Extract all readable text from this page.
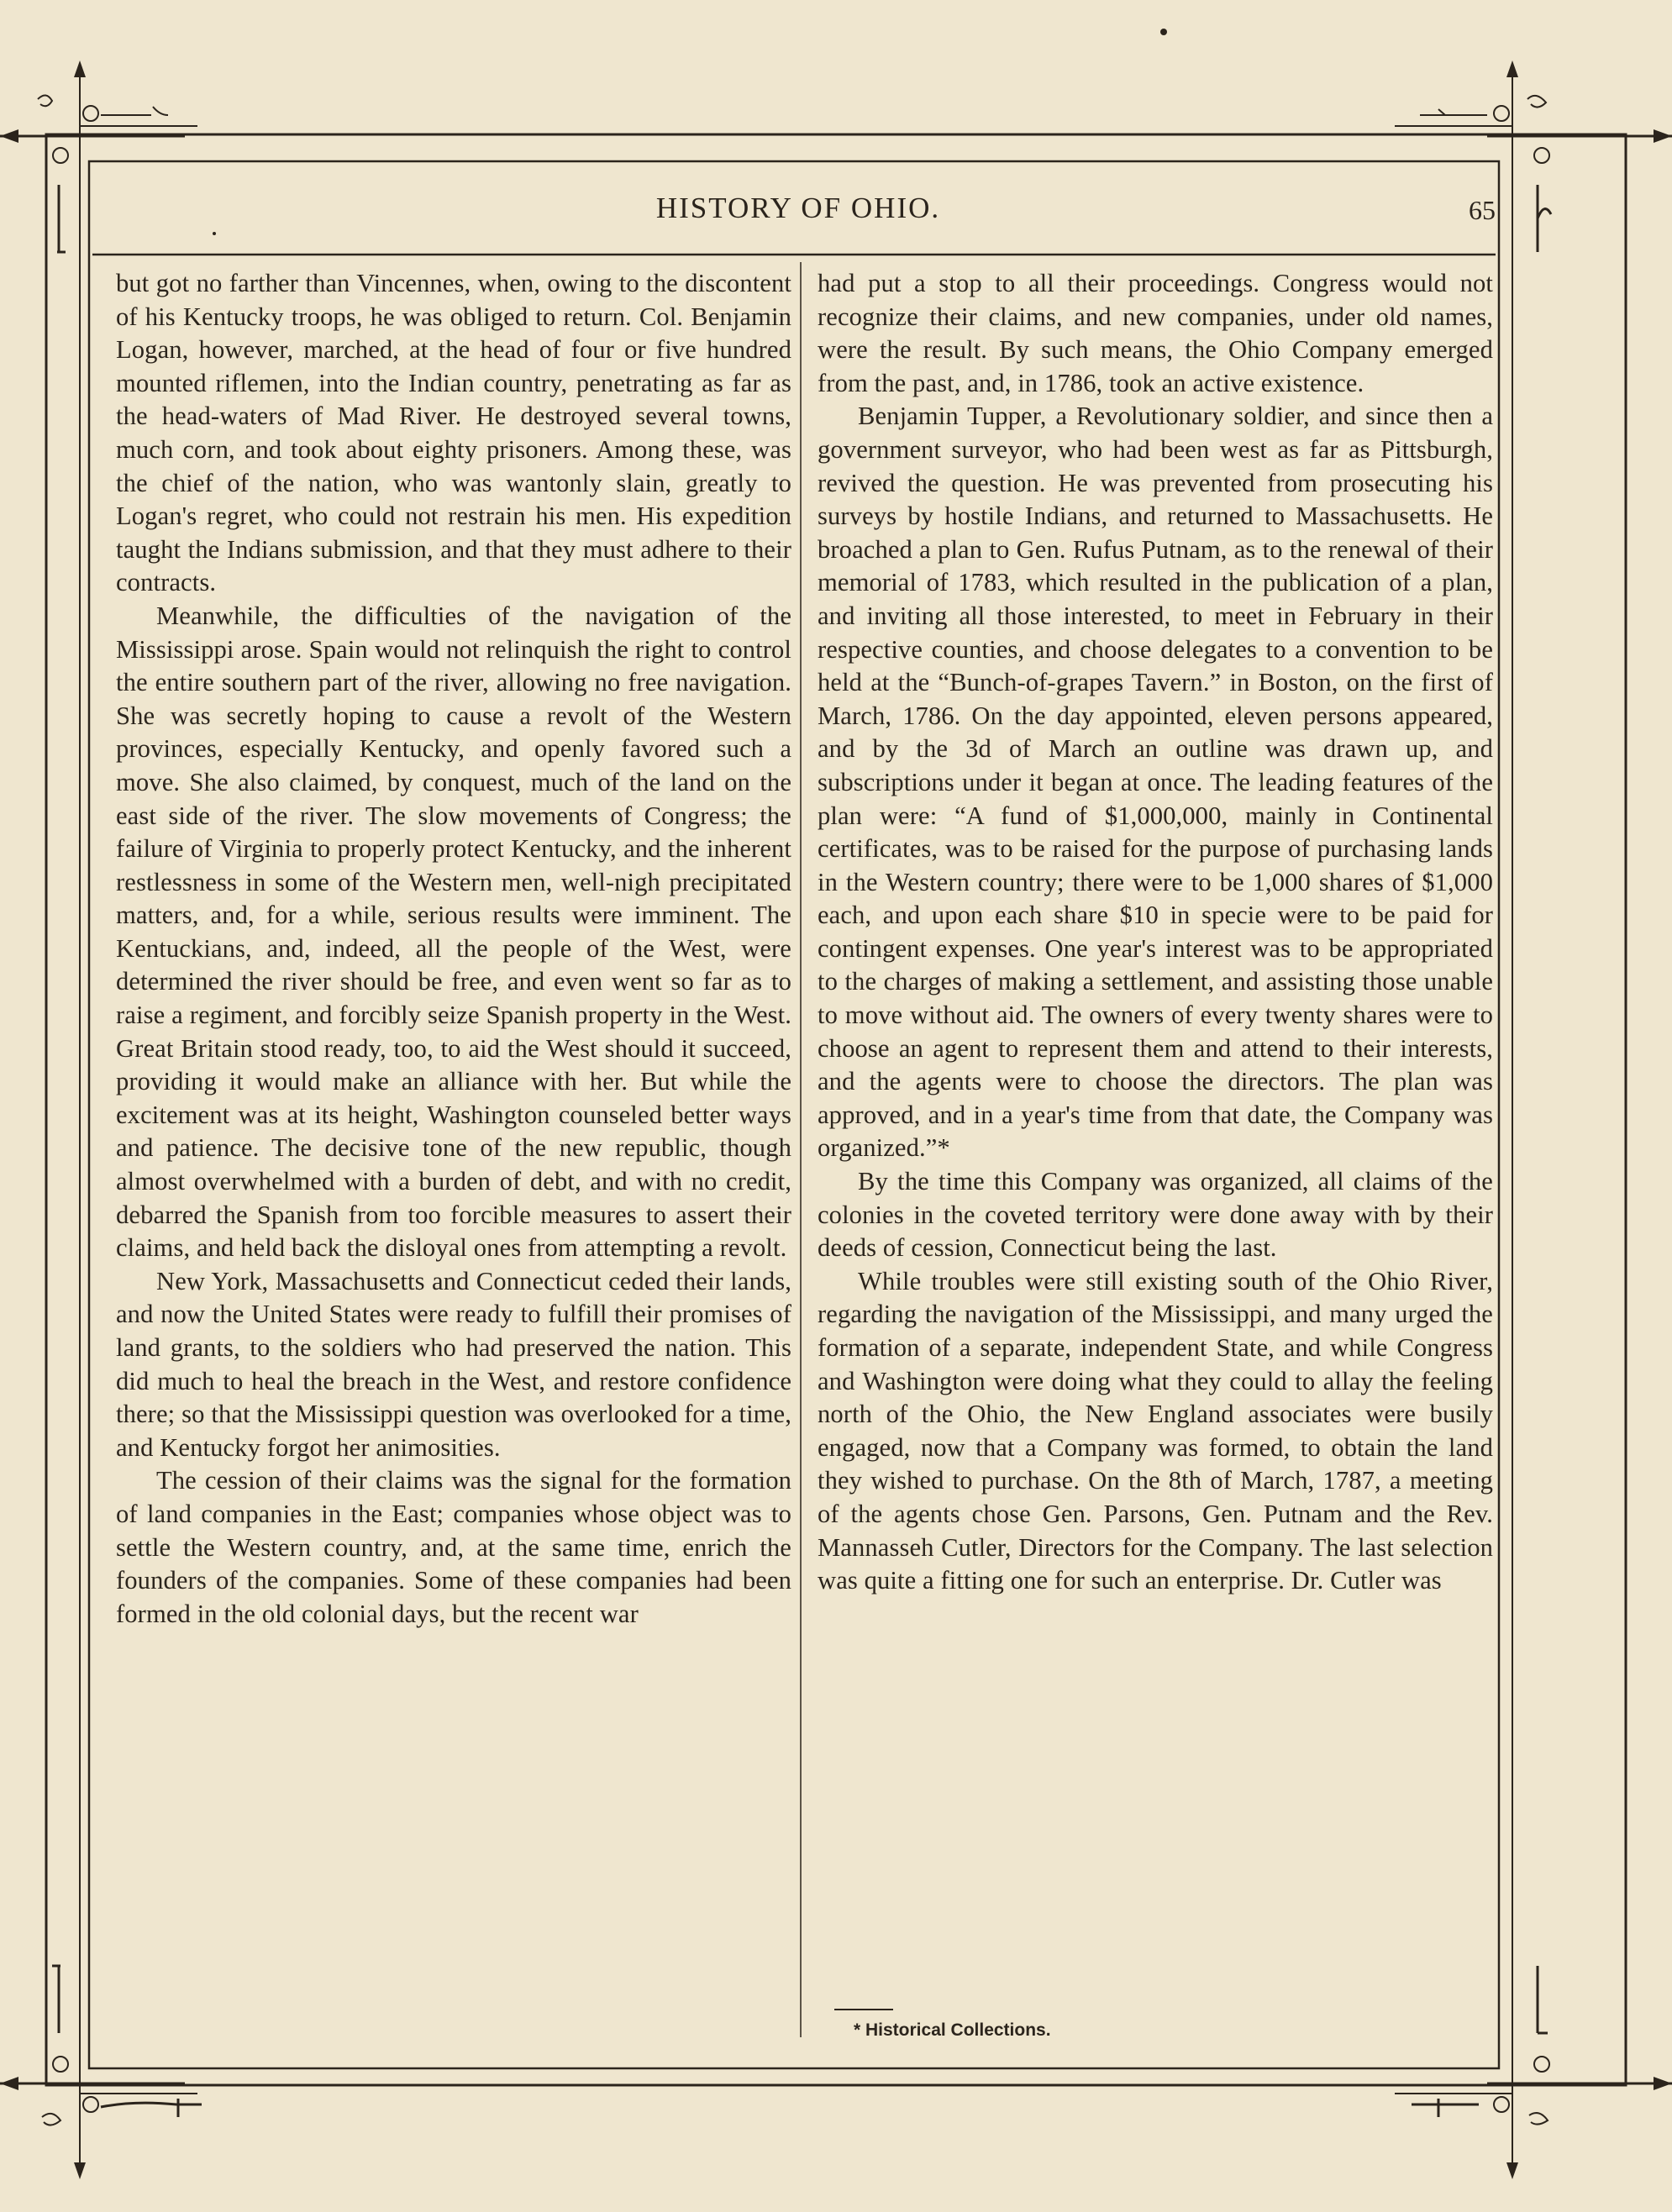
HISTORY OF OHIO.	65

but got no farther than Vincennes, when, owing to the discontent of his Kentucky troops, he was obliged to return. Col. Benjamin Logan, however, marched, at the head of four or five hundred mounted riflemen, into the Indian country, penetrating as far as the head-waters of Mad River. He destroyed several towns, much corn, and took about eighty prisoners. Among these, was the chief of the nation, who was wantonly slain, greatly to Logan's regret, who could not restrain his men. His expedition taught the Indians submission, and that they must adhere to their contracts.

Meanwhile, the difficulties of the navigation of the Mississippi arose. Spain would not relinquish the right to control the entire southern part of the river, allowing no free navigation. She was secretly hoping to cause a revolt of the Western provinces, especially Kentucky, and openly favored such a move. She also claimed, by conquest, much of the land on the east side of the river. The slow movements of Congress; the failure of Virginia to properly protect Kentucky, and the inherent restlessness in some of the Western men, well-nigh precipitated matters, and, for a while, serious results were imminent. The Kentuckians, and, indeed, all the people of the West, were determined the river should be free, and even went so far as to raise a regiment, and forcibly seize Spanish property in the West. Great Britain stood ready, too, to aid the West should it succeed, providing it would make an alliance with her. But while the excitement was at its height, Washington counseled better ways and patience. The decisive tone of the new republic, though almost overwhelmed with a burden of debt, and with no credit, debarred the Spanish from too forcible measures to assert their claims, and held back the disloyal ones from attempting a revolt.

New York, Massachusetts and Connecticut ceded their lands, and now the United States were ready to fulfill their promises of land grants, to the soldiers who had preserved the nation. This did much to heal the breach in the West, and restore confidence there; so that the Mississippi question was overlooked for a time, and Kentucky forgot her animosities.

The cession of their claims was the signal for the formation of land companies in the East; companies whose object was to settle the Western country, and, at the same time, enrich the founders of the companies. Some of these companies had been formed in the old colonial days, but the recent war

had put a stop to all their proceedings. Congress would not recognize their claims, and new companies, under old names, were the result. By such means, the Ohio Company emerged from the past, and, in 1786, took an active existence.

Benjamin Tupper, a Revolutionary soldier, and since then a government surveyor, who had been west as far as Pittsburgh, revived the question. He was prevented from prosecuting his surveys by hostile Indians, and returned to Massachusetts. He broached a plan to Gen. Rufus Putnam, as to the renewal of their memorial of 1783, which resulted in the publication of a plan, and inviting all those interested, to meet in February in their respective counties, and choose delegates to a convention to be held at the “Bunch-of-grapes Tavern.” in Boston, on the first of March, 1786. On the day appointed, eleven persons appeared, and by the 3d of March an outline was drawn up, and subscriptions under it began at once. The leading features of the plan were: “A fund of $1,000,000, mainly in Continental certificates, was to be raised for the purpose of purchasing lands in the Western country; there were to be 1,000 shares of $1,000 each, and upon each share $10 in specie were to be paid for contingent expenses. One year's interest was to be appropriated to the charges of making a settlement, and assisting those unable to move without aid. The owners of every twenty shares were to choose an agent to represent them and attend to their interests, and the agents were to choose the directors. The plan was approved, and in a year's time from that date, the Company was organized.”*

By the time this Company was organized, all claims of the colonies in the coveted territory were done away with by their deeds of cession, Connecticut being the last.

While troubles were still existing south of the Ohio River, regarding the navigation of the Mississippi, and many urged the formation of a separate, independent State, and while Congress and Washington were doing what they could to allay the feeling north of the Ohio, the New England associates were busily engaged, now that a Company was formed, to obtain the land they wished to purchase. On the 8th of March, 1787, a meeting of the agents chose Gen. Parsons, Gen. Putnam and the Rev. Mannasseh Cutler, Directors for the Company. The last selection was quite a fitting one for such an enterprise. Dr. Cutler was

* Historical Collections.
